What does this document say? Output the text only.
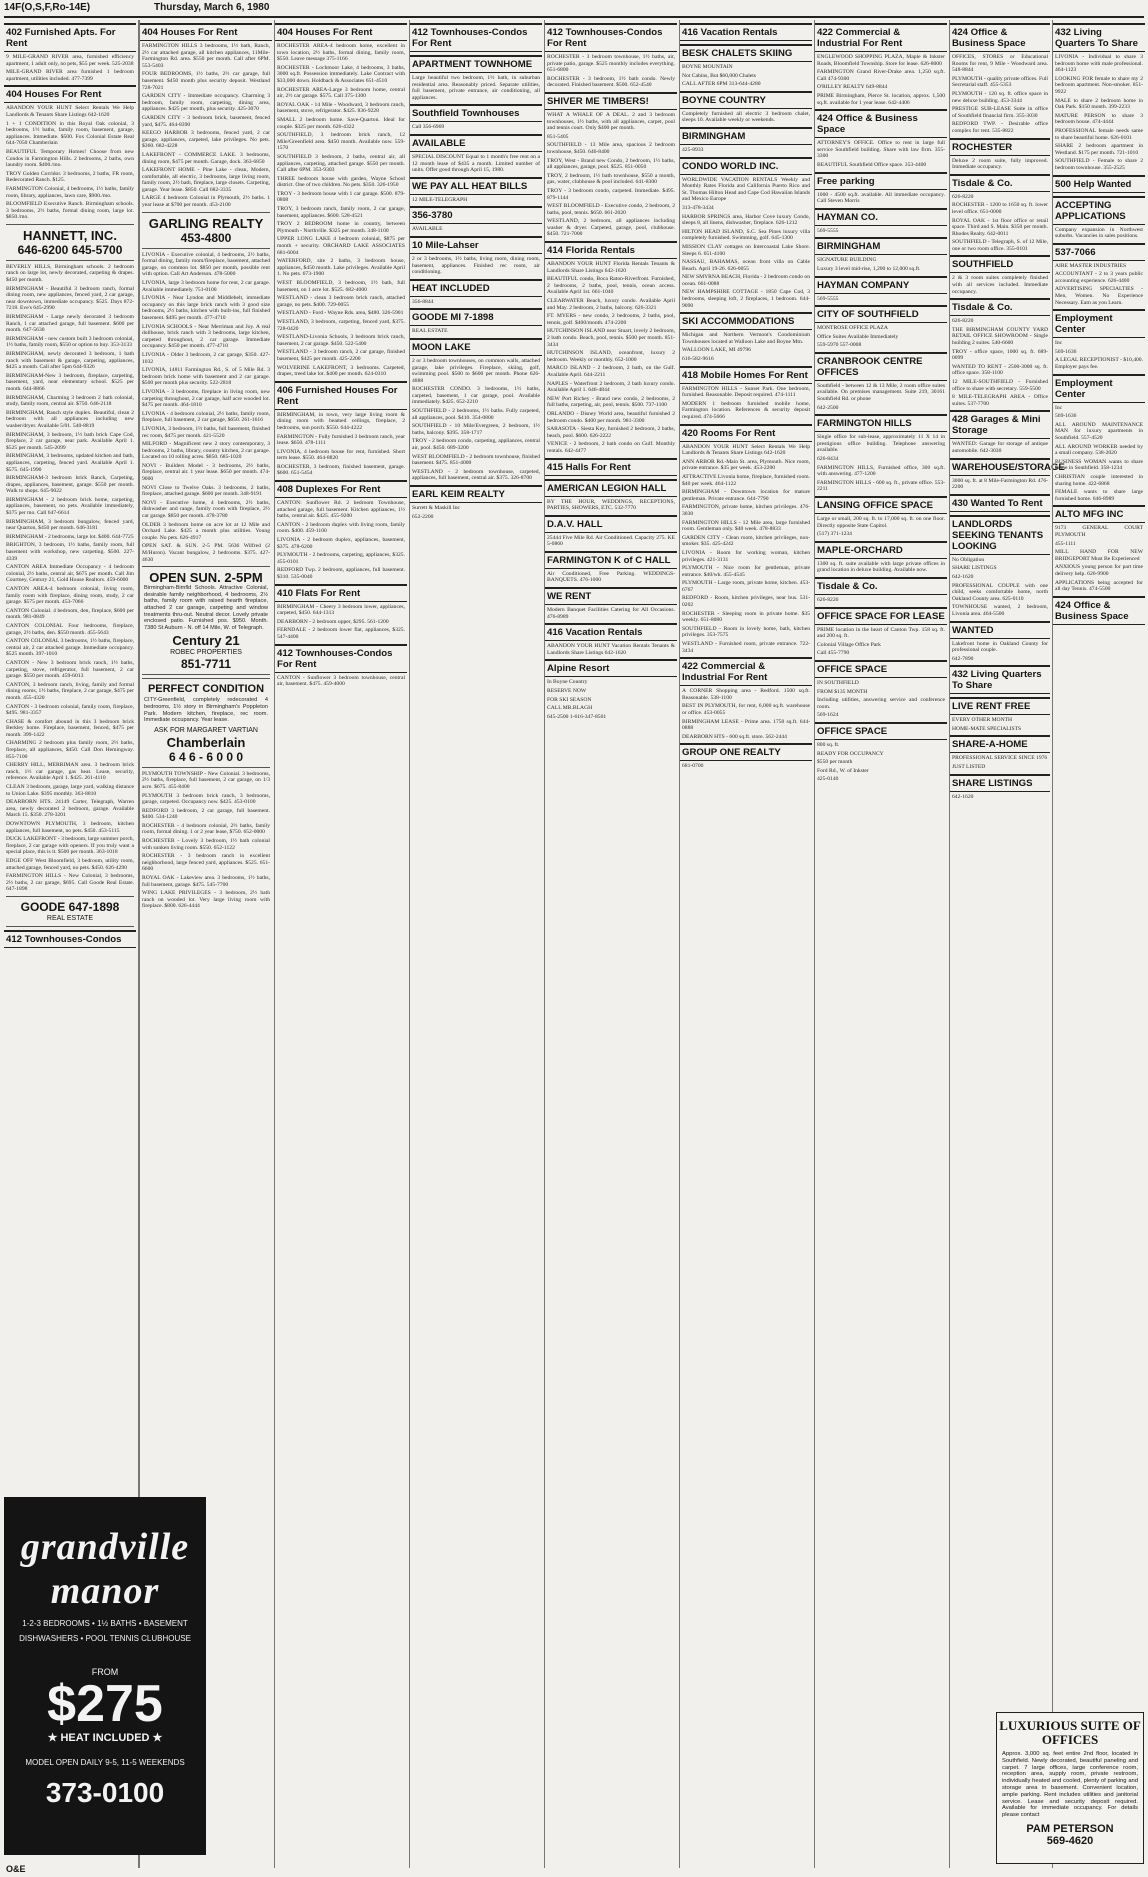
14F(O,S,F,Ro-14E)	Thursday, March 6, 1980
402 Furnished Apts. For Rent
9 MILE-GRAND RIVER area, furnished efficiency apartment, 1 adult only, no pets, $55 per week. 525-2038
MILE-GRAND RIVER area furnished 1 bedroom apartment, utilities included. 477-7399
404 Houses For Rent
ABANDON YOUR HUNT Select Rentals We Help Landlords & Tenants Share Listings 642-1620
1 + 1 CONDITION in this Royal Oak colonial, 3 bedrooms, 1½ baths, family room, basement, garage, appliances. Immediate. $500. Fox Colonial Estate Real 644-7050 Chamberlain
BEAUTIFUL Temporary Homes! Choose from new Condos in Farmington Hills. 2 bedrooms, 2 baths, own laundry room. $400./mo.
TROY Golden Corridor. 3 bedrooms, 2 baths, FR room, Redecorated Ranch. $125.
FARMINGTON Colonial, 4 bedrooms, 1½ baths, family room, library, appliances, lawn care, $900./mo.
BLOOMFIELD Executive Ranch. Birmingham schools. 3 bedrooms, 2½ baths, formal dining room, large lot. $850./mo.
HANNETT, INC.
646-6200 645-5700
BEVERLY HILLS, Birmingham schools. 2 bedroom ranch on large lot, newly decorated, carpeting & drapes. $450 per month.
BIRMINGHAM - Beautiful 3 bedroom ranch, formal dining room, new appliances, fenced yard, 2 car garage, near downtown, immediate occupancy. $525. Days 872-7218. Eve's 645-2990
BIRMINGHAM - Large newly decorated 3 bedroom Ranch, 1 car attached garage, full basement. $600 per month. 647-5630
BIRMINGHAM - new custom built 3 bedroom colonial, 1½ baths, family room, $550 or option to buy. 353-3133
BIRMINGHAM, newly decorated 3 bedroom, 1 bath ranch with basement & garage, carpeting, appliances, $425 a month. Call after 5pm 644-9326
BIRMINGHAM-New 3 bedroom, fireplace, carpeting, basement, yard, near elementary school. $525 per month. 644-8866
BIRMINGHAM, Charming 3 bedroom 2 bath colonial, study, family room, central air. $750. 646-2118
BIRMINGHAM, Ranch style duplex. Beautiful, clean 2 bedroom with all appliances including new washer/dryer. Available 5/01. 540-8819
BIRMINGHAM, 3 bedroom, 1½ bath brick Cape Cod, fireplace, 2 car garage, near park. Available April 1. $525 per month. 545-2099
BIRMINGHAM, 3 bedrooms, updated kitchen and bath, appliances, carpeting, fenced yard. Available April 1. $575. 645-1990
BIRMINGHAM-3 bedroom brick Ranch, Carpeting, drapes, appliances, basement, garage. $550 per month. Walk to shops. 645-9022
BIRMINGHAM - 2 bedroom brick home, carpeting, appliances, basement, no pets. Available immediately, $375 per mo. Call 647-6614
BIRMINGHAM, 3 bedroom bungalow, fenced yard, near Quarton, $450 per month. 646-3181
BIRMINGHAM - 2 bedrooms, large lot. $400. 644-7725
BRIGHTON, 3 bedroom, 1½ baths, family room, full basement with workshop, new carpeting. $500. 227-4339
CANTON AREA Immediate Occupancy - 4 bedroom colonial, 2½ baths, central air, $675 per month. Call Jim Courtney, Century 21, Gold House Realtors. 459-6000
CANTON AREA-4 bedroom colonial, living room, family room with fireplace, dining room, study, 2 car garage. $575 per month. 453-7066
CANTON Colonial. 4 bedroom, den, fireplace, $600 per month. 981-0849
CANTON COLONIAL Four bedrooms, fireplace, garage, 2½ baths, den. $550 month. 455-5643
CANTON COLONIAL 3 bedrooms, 1½ baths, fireplace, central air, 2 car attached garage. Immediate occupancy. $525 month. 397-1010
CANTON - New 3 bedroom brick ranch, 1½ baths, carpeting, stove, refrigerator, full basement, 2 car garage. $550 per month. 459-6013
CANTON, 3 bedroom ranch, living, family and formal dining rooms, 1½ baths, fireplace, 2 car garage, $475 per month. 455-4320
CANTON - 3 bedroom colonial, family room, fireplace, $495. 981-3357
CHASE & comfort abound in this 3 bedroom brick Berkley home. Fireplace, basement, fenced, $475 per month. 399-1422
CHARMING 2 bedroom plus family room, 2½ baths, fireplace, all appliances, $450. Call Don Hemingway. 855-7100
CHERRY HILL, MERRIMAN area. 3 bedroom brick ranch, 1½ car garage, gas heat. Lease, security, reference. Available April 1. $425. 261-4110
CLEAN 3 bedroom, garage, large yard, walking distance to Union Lake. $395 monthly. 363-8810
DEARBORN HTS. 24149 Carter, Telegraph, Warren area, newly decorated 2 bedroom, garage. Available March 15. $350. 278-3201
DOWNTOWN PLYMOUTH, 3 bedroom, kitchen appliances, full basement, no pets. $450. 453-5115
DUCK LAKEFRONT - 3 bedroom, large summer porch, fireplace, 2 car garage with openers. If you truly want a special place, this is it. $500 per month. 363-1018
EDGE OFF West Bloomfield, 3 bedroom, utility room, attached garage, fenced yard, no pets. $450. 626-4290
FARMINGTON HILLS - New Colonial, 3 bedrooms, 2½ baths, 2 car garage, $695. Call Goode Real Estate. 647-1898
GOODE 647-1898
REAL ESTATE
412 Townhouses-Condos
404 Houses For Rent
FARMINGTON HILLS 3 bedrooms, 1½ bath, Ranch, 2½ car attached garage, all kitchen appliances, 11Mile-Farmington Rd. area. $550 per month. Call after 6PM. 553-5403
FOUR BEDROOMS, 1½ baths, 2½ car garage, full basement. $450 month plus security deposit. Westland 728-7021
GARDEN CITY - Immediate occupancy. Charming 3 bedroom, family room, carpeting, dining area, appliances. $425 per month, plus security. 425-3070
GARDEN CITY - 3 bedroom brick, basement, fenced yard, $475. 464-8390
KEEGO HARBOR 3 bedrooms, fenced yard, 2 car garage, appliances, carpeted, lake privileges. No pets. $360. 682-4228
LAKEFRONT - COMMERCE LAKE. 3 bedrooms, dining room, $475 per month. Garage, dock. 363-6850
LAKEFRONT HOME - Pine Lake - clean, Modern, comfortable, all electric, 3 bedrooms, large living room, family room, 2½ bath, fireplace, large closets. Carpeting, garage. Year lease. $850. Call 682-3335
LARGE 4 bedroom Colonial in Plymouth, 2½ baths. 1 year lease at $700 per month. 453-2100
GARLING REALTY
453-4800
LIVONIA - Executive colonial, 4 bedrooms, 2½ baths, formal dining, family room/fireplace, basement, attached garage, on common lot. $850 per month, possible rent with option. Call Art Anderson. 478-5000
LIVONIA, large 3 bedroom home for rent, 2 car garage. Available immediately. 751-0100
LIVONIA - Near Lyndon and Middlebelt, immediate occupancy on this large brick ranch with 3 good size bedrooms, 2½ baths, kitchen with built-ins, full finished basement. $495 per month. 477-4710
LIVONIA SCHOOLS - Near Merriman and Joy. A real dollhouse, brick ranch with 3 bedrooms, large kitchen, carpeted throughout, 2 car garage. Immediate occupancy. $450 per month. 477-4710
LIVONIA - Older 3 bedroom, 2 car garage, $350. 427-1032
LIVONIA, 14811 Farmington Rd., S. of 5 Mile Rd. 3 bedroom brick home with basement and 2 car garage. $500 per month plus security. 522-2818
LIVONIA - 3 bedrooms, fireplace in living room, new carpeting throughout, 2 car garage, half acre wooded lot. $475 per month. 464-1810
LIVONIA - 4 bedroom colonial, 2½ baths, family room, fireplace, full basement, 2 car garage, $650. 261-1616
LIVONIA, 3 bedroom, 1½ baths, full basement, finished rec room, $475 per month. 421-5520
MILFORD - Magnificent new 2 story contemporary, 3 bedrooms, 2 baths, library, country kitchen, 2 car garage. Located on 10 rolling acres. $850. 685-1020
NOVI - Builders Model - 3 bedrooms, 2½ baths, fireplace, central air. 1 year lease. $650 per month. 474-9000
NOVI Close to Twelve Oaks. 3 bedrooms, 2 baths, fireplace, attached garage. $600 per month. 348-9191
NOVI - Executive home, 4 bedrooms, 2½ baths, dishwasher and range, family room with fireplace, 2½ car garage. $850 per month. 478-3780
OLDER 3 bedroom home on acre lot at 12 Mile and Orchard Lake. $425 a month plus utilities. Young couple. No pets. 626-4917
OPEN SAT. & SUN. 2-5 PM. 5636 Wilfred (2 M/Huron). Vacant bungalow, 2 bedrooms. $375. 427-4630
OPEN SUN. 2-5PM
Birmingham-Bimfld Schools. Attractive Colonial, desirable family neighborhood, 4 bedrooms, 2½ baths, family room with raised hearth fireplace, attached 2 car garage, carpeting and window treatments thru-out. Neutral decor. Lovely private enclosed patio. Furnished pos. $950. Month. 7380 St Auburn - N. off 14 Mile, W. of Telegraph.
Century 21
ROBEC PROPERTIES
851-7711
PERFECT CONDITION
CITY-Greenfield, completely redecorated 4 bedrooms, 1½ story in Birmingham's Poppleton Park. Modern kitchen, fireplace, rec room. Immediate occupancy. Year lease.
ASK FOR MARGARET VARTIAN
Chamberlain
6 4 6 - 6 0 0 0
PLYMOUTH TOWNSHIP - New Colonial. 3 bedrooms, 2½ baths, fireplace, full basement, 2 car garage, on 1/3 acre. $675. 455-8400
PLYMOUTH 3 bedroom brick ranch, 3 bedrooms, garage, carpeted. Occupancy now. $425. 453-0100
REDFORD 3 bedroom, 2 car garage, full basement. $400. 534-1240
ROCHESTER - 4 bedroom colonial, 2½ baths, family room, formal dining. 1 or 2 year lease, $750. 652-0000
ROCHESTER - Lovely 3 bedroom, 1½ bath colonial with sunken living room. $550. 652-1122
ROCHESTER - 3 bedroom ranch in excellent neighborhood, large fenced yard, appliances. $525. 651-6600
ROYAL OAK - Lakeview area. 3 bedrooms, 1½ baths, full basement, garage. $475. 545-7700
WING LAKE PRIVILEGES - 3 bedroom, 2½ bath ranch on wooded lot. Very large living room with fireplace. $800. 626-4444
404 Houses For Rent
ROCHESTER AREA-4 bedroom home, excellent in town location, 2½ baths, formal dining, family room, $550. Leave message 375-1166
ROCHESTER - Lochmoor Lake, 4 bedrooms, 3 baths, 3000 sq.ft. Possession immediately. Lake Contract with $33,000 down. Holdback & Associates 651-4510
ROCHESTER AREA-Large 3 bedroom home, central air, 2½ car garage. $575. Call 375-1300
ROYAL OAK - 14 Mile - Woodward, 3 bedroom ranch, basement, stove, refrigerator. $425. 836-9228
SMALL 2 bedroom home. Save-Quarton. Ideal for couple. $325 per month. 626-4322
SOUTHFIELD, 3 bedroom brick ranch, 12 Mile/Greenfield area. $450 month. Available now. 559-1570
SOUTHFIELD 3 bedroom, 2 baths, central air, all appliances, carpeting, attached garage. $550 per month. Call after 6PM. 353-9303
THREE bedroom house with garden, Wayne School district. One of two children. No pets. $350. 326-1950
TROY - 3 bedroom house with 1 car garage. $500. 879-0808
TROY, 3 bedroom ranch, family room, 2 car garage, basement, appliances. $600. 528-4521
TROY 2 BEDROOM home in country, between Plymouth - Northville. $325 per month. 348-1100
UPPER LONG LAKE 4 bedroom colonial, $875 per month + security. ORCHARD LAKE ASSOCIATES 681-6004
WATERFORD, site 2 baths, 3 bedroom house, appliances, $450 month. Lake privileges. Available April 1. No pets. 673-1900
WEST BLOOMFIELD, 3 bedroom, 1½ bath, full basement, on 1 acre lot. $525. 682-4000
WESTLAND - clean 3 bedroom brick ranch, attached garage, no pets. $400. 729-0055
WESTLAND - Ford - Wayne Rds. area, $480. 326-5901
WESTLAND, 3 bedroom, carpeting, fenced yard, $375. 728-0420
WESTLAND-Livonia Schools, 3 bedroom brick ranch, basement, 2 car garage. $450. 522-5400
WESTLAND - 3 bedroom ranch, 2 car garage, finished basement, $425 per month. 425-2200
WOLVERINE LAKEFRONT, 3 bedrooms. Carpeted, drapes, treed lake lot. $400 per month. 624-0310
406 Furnished Houses For Rent
BIRMINGHAM, in town, very large living room & dining room with beamed ceilings, fireplace, 2 bedrooms, sun porch. $550. 644-4222
FARMINGTON - Fully furnished 3 bedroom ranch, year lease. $650. 478-1111
LIVONIA, 4 bedroom house for rent, furnished. Short term lease. $550. 464-8820
ROCHESTER, 3 bedroom, finished basement, garage. $600. 651-5454
408 Duplexes For Rent
CANTON: Sunflower Rd. 2 bedroom Townhouse, attached garage, full basement. Kitchen appliances, 1½ baths, central air. $425. 455-9200
CANTON - 2 bedroom duplex with living room, family room. $400. 459-1100
LIVONIA - 2 bedroom duplex, appliances, basement, $375. 478-6200
PLYMOUTH - 2 bedrooms, carpeting, appliances, $325. 455-0101
REDFORD Twp. 2 bedroom, appliances, full basement. $310. 535-0040
410 Flats For Rent
BIRMINGHAM - Cheery 3 bedroom lower, appliances, carpeted, $450. 644-1313
DEARBORN - 2 bedroom upper, $295. 561-1200
FERNDALE - 2 bedroom lower flat, appliances, $325. 547-4400
412 Townhouses-Condos For Rent
CANTON - Sunflower 3 bedroom townhouse, central air, basement. $475. 459-4000
412 Townhouses-Condos For Rent
APARTMENT TOWNHOME
Large beautiful two bedroom, 1½ bath, in suburban residential area. Reasonably priced. Separate utilities, full basement, private entrance, air conditioning, all appliances.
Southfield Townhouses
Call 356-6969
AVAILABLE
SPECIAL DISCOUNT Equal to 1 month's free rent on a 12 month lease of $435 a month. Limited number of units. Offer good through April 15, 1980.
WE PAY ALL HEAT BILLS
12 MILE-TELEGRAPH
356-3780
AVAILABLE
10 Mile-Lahser
2 or 3 bedrooms, 1½ baths, living room, dining room, basement, appliances. Finished rec room, air conditioning.
HEAT INCLUDED
356-8844
GOODE MI 7-1898
REAL ESTATE
MOON LAKE
2 or 3 bedroom townhouses, on common walls, attached garage, lake privileges. Fireplace, skiing, golf, swimming pool. $500 to $600 per month. Phone 626-4888
ROCHESTER CONDO. 3 bedrooms, 1½ baths, carpeted, basement, 1 car garage, pool. Available immediately. $425. 652-2210
SOUTHFIELD - 2 bedrooms, 1½ baths. Fully carpeted, all appliances, pool. $410. 354-0800
SOUTHFIELD - 10 Mile/Evergreen, 2 bedroom, 1½ baths, balcony. $395. 358-1717
TROY - 2 bedroom condo, carpeting, appliances, central air, pool. $450. 689-3200
WEST BLOOMFIELD - 2 bedroom townhouse, finished basement. $475. 851-4000
WESTLAND - 2 bedroom townhouse, carpeted, appliances, full basement, central air. $375. 326-8700
EARL KEIM REALTY
Surrett & Maskill Inc
652-2200
412 Townhouses-Condos For Rent
ROCHESTER - 3 bedroom townhouse, 1½ baths, air, private patio, garage. $525 monthly includes everything. 651-6800
ROCHESTER - 3 bedroom, 1½ bath condo. Newly decorated. Finished basement. $500. 652-4540
SHIVER ME TIMBERS!
WHAT A WHALE OF A DEAL. 2 and 3 bedroom townhouses, 1½ baths, with all appliances, carpet, pool and tennis court. Only $400 per month.
851-5405
SOUTHFIELD - 13 Mile area, spacious 2 bedroom townhouse, $450. 646-8400
TROY, West - Brand new Condo, 2 bedroom, 1½ baths, all appliances, garage, pool. $525. 851-0050
TROY, 2 bedroom, 1½ bath townhouse, $550 a month, gas, water, clubhouse & pool included. 641-8300
TROY - 3 bedroom condo, carpeted. Immediate. $495. 879-1144
WEST BLOOMFIELD - Executive condo, 2 bedroom, 2 baths, pool, tennis. $650. 661-2020
WESTLAND, 2 bedroom, all appliances including washer & dryer. Carpeted, garage, pool, clubhouse. $450. 721-7000
414 Florida Rentals
ABANDON YOUR HUNT Florida Rentals Tenants & Landlords Share Listings 642-1620
BEAUTIFUL condo, Boca Raton-Riverfront. Furnished, 2 bedrooms, 2 baths, pool, tennis, ocean access. Available April 1st. 661-1040
CLEARWATER Beach, luxury condo. Available April and May. 2 bedroom, 2 baths, balcony. 626-3321
FT. MYERS - new condo, 2 bedrooms, 2 baths, pool, tennis, golf. $400/month. 474-2200
HUTCHINSON ISLAND near Stuart, lovely 2 bedroom, 2 bath condo. Beach, pool, tennis. $500 per month. 851-3434
HUTCHINSON ISLAND, oceanfront, luxury 2 bedroom. Weekly or monthly. 652-1000
MARCO ISLAND - 2 bedroom, 2 bath, on the Gulf. Available April. 644-2211
NAPLES - Waterfront 2 bedroom, 2 bath luxury condo. Available April 1. 646-4844
NEW Port Richey - Brand new condo, 2 bedrooms, 2 full baths, carpeting, air, pool, tennis. $500. 737-1100
ORLANDO - Disney World area, beautiful furnished 2 bedroom condo. $400 per month. 981-3300
SARASOTA - Siesta Key, furnished 2 bedroom, 2 baths, beach, pool. $600. 626-2222
VENICE - 2 bedroom, 2 bath condo on Gulf. Monthly rentals. 642-4477
415 Halls For Rent
AMERICAN LEGION HALL
BY THE HOUR, WEDDINGS, RECEPTIONS, PARTIES, SHOWERS, ETC. 532-7770
D.A.V. HALL
25444 Five Mile Rd. Air Conditioned. Capacity 275. KE 5-0860
FARMINGTON K of C HALL
Air Conditioned, Free Parking. WEDDINGS-BANQUETS. 476-1000
WE RENT
Modern Banquet Facilities Catering for All Occasions. 476-8989
416 Vacation Rentals
ABANDON YOUR HUNT Vacation Rentals Tenants & Landlords Share Listings 642-1620
Alpine Resort
In Boyne Country
RESERVE NOW
FOR SKI SEASON
CALL MR.BLAGH
645-2500 1-616-347-8501
416 Vacation Rentals
BESK CHALETS SKIING
BOYNE MOUNTAIN
Not Cabins, But $60,000 Chalets
CALL AFTER 6PM 313-644-4280
BOYNE COUNTRY
Completely furnished all electric 3 bedroom chalet, sleeps 10. Available weekly or weekends.
BIRMINGHAM
425-8933
CONDO WORLD INC.
WORLDWIDE VACATION RENTALS Weekly and Monthly Rates Florida and California Puerto Rico and St. Thomas Hilton Head and Cape Cod Hawaiian Islands and Mexico Europe
313-478-3434
HARBOR SPRINGS area, Harbor Cove luxury Condo, sleeps 8, all linens, dishwasher, fireplace. 626-1212
HILTON HEAD ISLAND, S.C. Sea Pines luxury villa completely furnished. Swimming, golf. 645-1300
MISSION CLAY cottages on Intercoastal Lake Shore. Sleeps 6. 651-4100
NASSAU, BAHAMAS, ocean front villa on Cable Beach. April 19-26. 626-0055
NEW SMYRNA BEACH, Florida - 2 bedroom condo on ocean. 661-0088
NEW HAMPSHIRE COTTAGE - 1850 Cape Cod, 3 bedrooms, sleeping loft, 2 fireplaces, 1 bedroom. 644-9090
SKI ACCOMMODATIONS
Michigan and Northern Vermont's Condominium Townhouses located at Walloon Lake and Boyne Mtn.
WALLOON LAKE, MI 49796
616-582-9616
418 Mobile Homes For Rent
FARMINGTON HILLS - Sunset Park. One bedroom, furnished. Reasonable. Deposit required. 474-1111
MODERN 1 bedroom furnished mobile home, Farmington location. References & security deposit required. 474-5666
420 Rooms For Rent
ABANDON YOUR HUNT Select Rentals We Help Landlords & Tenants Share Listings 642-1620
ANN ARBOR Rd.-Main St. area, Plymouth. Nice room, private entrance. $35 per week. 453-2200
ATTRACTIVE Livonia home, fireplace, furnished room. $40 per week. 464-1122
BIRMINGHAM - Downtown location for mature gentleman. Private entrance. 644-7790
FARMINGTON, private home, kitchen privileges. 476-3030
FARMINGTON HILLS - 12 Mile area, large furnished room. Gentleman only. $40 week. 478-8833
GARDEN CITY - Clean room, kitchen privileges, non-smoker. $35. 425-4242
LIVONIA - Room for working woman, kitchen privileges. 421-3131
PLYMOUTH - Nice room for gentleman, private entrance. $40/wk. 455-4545
PLYMOUTH - Large room, private home, kitchen. 453-6767
REDFORD - Room, kitchen privileges, near bus. 531-0202
ROCHESTER - Sleeping room in private home. $35 weekly. 651-8080
SOUTHFIELD - Room in lovely home, bath, kitchen privileges. 353-7575
WESTLAND - Furnished room, private entrance. 722-3434
422 Commercial & Industrial For Rent
A CORNER Shopping area - Redford. 1500 sq.ft. Reasonable. 538-1100
BEST IN PLYMOUTH, for rent, 6,000 sq.ft. warehouse or office. 453-0055
BIRMINGHAM LEASE - Prime area. 1750 sq.ft. 644-0888
DEARBORN HTS - 600 sq.ft. store. 562-2444
GROUP ONE REALTY
681-0700
422 Commercial & Industrial For Rent
ENGLEWOOD SHOPPING PLAZA, Maple & Inkster Roads, Bloomfield Township. Store for lease. 626-8000
FARMINGTON Grand River-Drake area. 1,250 sq.ft. Call 474-9300
O'RILLEY REALTY 649-8844
PRIME Birmingham, Pierce St. location, approx. 1,500 sq.ft. available for 1 year lease. 642-4406
424 Office & Business Space
ATTORNEY'S OFFICE. Office to rent in large full service Southfield building. Share with law firm. 355-3300
BEAUTIFUL Southfield Office space. 353-4400
Free parking
1000 - 4500 sq.ft. available. All immediate occupancy. Call Steven Morris
HAYMAN CO.
569-5555
BIRMINGHAM
SIGNATURE BUILDING
Luxury 3 level mid-rise, 1,200 to 12,000 sq.ft.
HAYMAN COMPANY
569-5555
CITY OF SOUTHFIELD
MONTROSE OFFICE PLAZA
Office Suites Available Immediately
559-5970 557-0008
CRANBROOK CENTRE OFFICES
Southfield - between 12 & 13 Mile, 2 room office suites available. On premises management. Suite 219, 30161 Southfield Rd. or phone
642-2500
FARMINGTON HILLS
Single office for sub-lease, approximately 11 X 14 in prestigious office building. Telephone answering available.
626-8434
FARMINGTON HILLS, Furnished office, 300 sq.ft. with answering. 477-1200
FARMINGTON HILLS - 600 sq. ft., private office. 553-2211
LANSING OFFICE SPACE
Large or small, 200 sq. ft. to 17,000 sq. ft. on one floor. Directly opposite State Capitol.
(517) 371-1234
MAPLE-ORCHARD
1300 sq. ft. suite available with large private offices in grand location in deluxe building. Available now.
Tisdale & Co.
626-8220
OFFICE SPACE FOR LEASE
PRIME location in the heart of Canton Twp. 158 sq. ft. and 200 sq. ft.
Colonial Village Office Park
Call 455-7790
OFFICE SPACE
IN SOUTHFIELD
FROM $135 MONTH
Including utilities, answering service and conference room.
569-1624
OFFICE SPACE
800 sq. ft.
READY FOR OCCUPANCY
$550 per month
Ford Rd., W. of Inkster
425-0140
424 Office & Business Space
OFFICES, STORES or Educational Rooms for rent, 9 Mile - Woodward area. 548-8844
PLYMOUTH - quality private offices. Full Secretarial staff. 455-5353
PLYMOUTH - 120 sq. ft. office space in new deluxe building. 453-3344
PRESTIGE SUB-LEASE Suite in office of Southfield financial firm. 355-3030
REDFORD TWP. - Desirable office complex for rent. 535-8822
ROCHESTER
Deluxe 2 room suite, fully improved. Immediate occupancy.
Tisdale & Co.
626-8220
ROCHESTER - 1200 to 1650 sq. ft. lower level office. 651-0000
ROYAL OAK - 1st floor office or retail space. Third and S. Main. $350 per month. Rhodes Realty. 642-0011
SOUTHFIELD - Telegraph, S. of 12 Mile, one or two room office. 355-0101
SOUTHFIELD
2 & 3 room suites completely finished with all services included. Immediate occupancy.
Tisdale & Co.
626-8220
THE BIRMINGHAM COUNTY YARD RETAIL OFFICE SHOWROOM - Single building 2 suites. 540-6600
TROY - office space, 1000 sq. ft. 689-0099
WANTED TO RENT - 2500-3000 sq. ft. office space. 358-1100
12 MILE-SOUTHFIELD - Furnished office to share with secretary. 559-5500
8 MILE-TELEGRAPH AREA - Office suites. 537-7700
428 Garages & Mini Storage
WANTED: Garage for storage of antique automobile. 642-3030
WAREHOUSE/STORAGE
3000 sq. ft. at 8 Mile-Farmington Rd. 476-2200
430 Wanted To Rent
LANDLORDS SEEKING TENANTS LOOKING
No Obligation
SHARE LISTINGS
642-1620
PROFESSIONAL COUPLE with one child, seeks comfortable home, north Oakland County area. 625-0110
TOWNHOUSE wanted, 2 bedroom, Livonia area. 464-5500
WANTED
Lakefront home in Oakland County for professional couple.
642-7890
432 Living Quarters To Share
LIVE RENT FREE
EVERY OTHER MONTH
HOME-MATE SPECIALISTS
SHARE-A-HOME
PROFESSIONAL SERVICE SINCE 1976
JUST LISTED
SHARE LISTINGS
642-1620
432 Living Quarters To Share
LIVONIA - Individual to share 3 bedroom home with male professional. 464-1123
LOOKING FOR female to share my 2 bedroom apartment. Non-smoker. 851-9922
MALE to share 2 bedroom home in Oak Park. $150 month. 399-2233
MATURE PERSON to share 3 bedroom house. 474-4444
PROFESSIONAL female needs same to share beautiful home. 626-0101
SHARE 2 bedroom apartment in Westland. $175 per month. 721-1010
SOUTHFIELD - Female to share 2 bedroom townhouse. 355-2525
500 Help Wanted
ACCEPTING APPLICATIONS
Company expansion in Northwest suburbs. Vacancies in sales positions.
537-7066
AIRE MASTER INDUSTRIES
ACCOUNTANT - 2 to 3 years public accounting experience. 626-4400
ADVERTISING SPECIALTIES - Men, Women. No Experience Necessary. Earn as you Learn.
Employment Center
Inc
569-1636
A LEGAL RECEPTIONIST - $10,400. Employer pays fee.
Employment Center
Inc
569-1636
ALL AROUND MAINTENANCE MAN for luxury apartments in Southfield. 557-4520
ALL AROUND WORKER needed by a small company. 538-2020
BUSINESS WOMAN wants to share home in Southfield. 358-1234
CHRISTIAN couple interested in sharing home. 422-6868
FEMALE wants to share large furnished home. 646-8989
ALTO MFG INC
9173 GENERAL COURT PLYMOUTH
455-1111
MILL HAND FOR NEW BRIDGEPORT Must Be Experienced
ANXIOUS young person for part time delivery help. 626-9900
APPLICATIONS being accepted for all day Tennis. 474-5500
424 Office & Business Space
grandville manor
1-2-3 BEDROOMS • 1½ BATHS • BASEMENT
DISHWASHERS • POOL TENNIS CLUBHOUSE
FROM
$275
★ HEAT INCLUDED ★
MODEL OPEN DAILY 9-5, 11-5 WEEKENDS
373-0100
LUXURIOUS SUITE OF OFFICES
Approx. 3,000 sq. feet entire 2nd floor, located in Southfield. Newly decorated, beautiful paneling and carpet. 7 large offices, large conference room, reception area, supply room, private restroom, individually heated and cooled, plenty of parking and storage area in basement. Convenient location, ample parking. Rent includes utilities and janitorial service. Lease and security deposit required. Available for immediate occupancy. For details please contact
PAM PETERSON
569-4620
O&E
